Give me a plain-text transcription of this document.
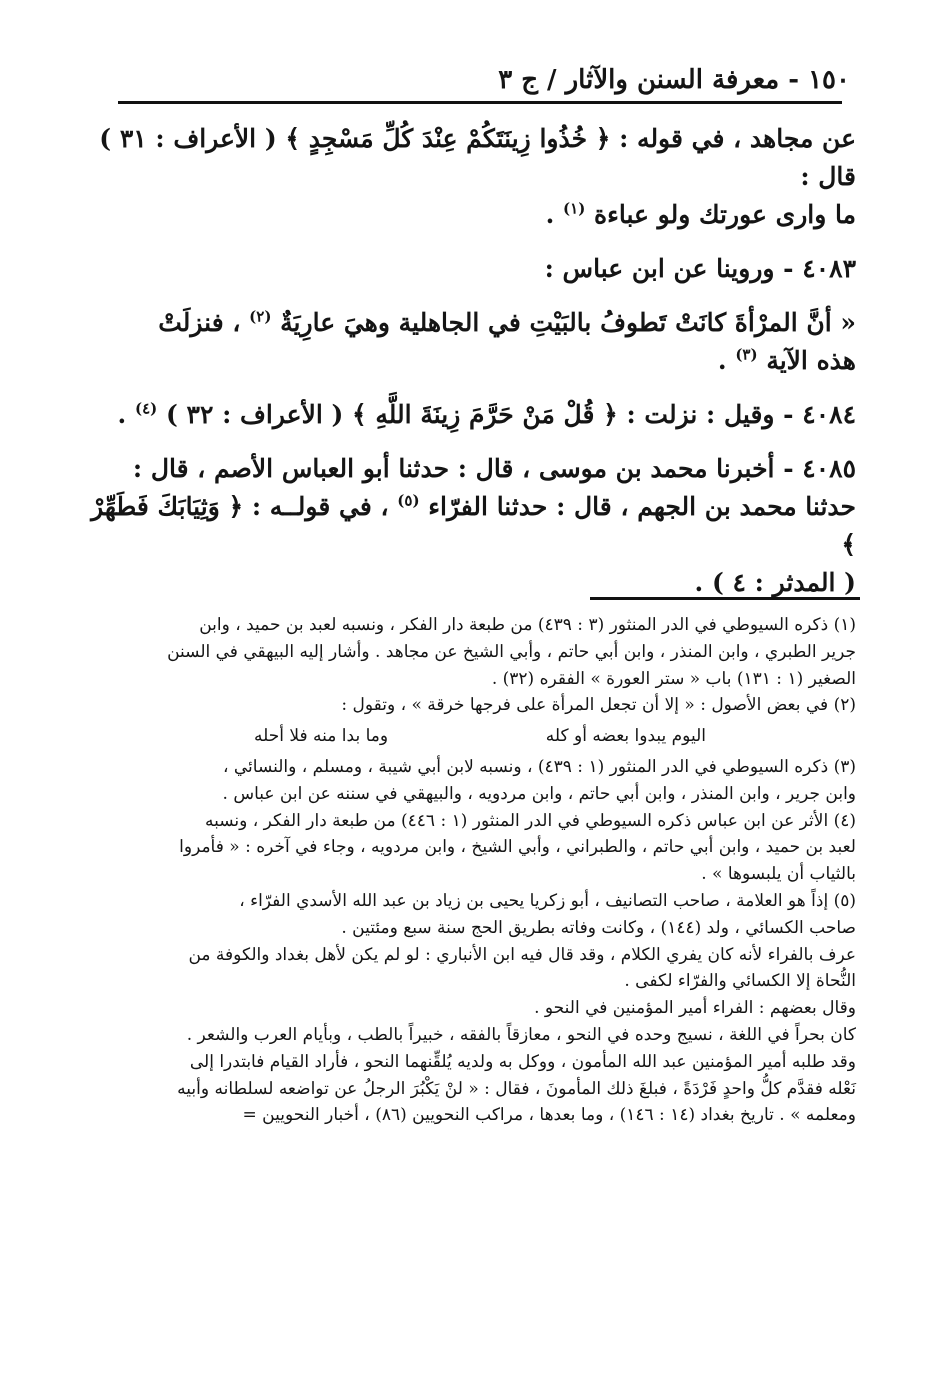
١٥٠ - معرفة السنن والآثار / ج ٣

عن مجاهد ، في قوله : ﴿ خُذُوا زِينَتَكُمْ عِنْدَ كُلِّ مَسْجِدٍ ﴾ ( الأعراف : ٣١ ) قال :

ما وارى عورتك ولو عباءة $^{(١)}$ .

٤٠٨٣ - وروينا عن ابن عباس :

« أنَّ المرْأةَ كانَتْ تَطوفُ بالبَيْتِ في الجاهلية وهيَ عارِيَةٌ $^{(٢)}$ ، فنزلَتْ

هذه الآية $^{(٣)}$ .

٤٠٨٤ - وقيل : نزلت : ﴿ قُلْ مَنْ حَرَّمَ زِينَةَ اللَّهِ ﴾ ( الأعراف : ٣٢ ) $^{(٤)}$ .

٤٠٨٥ - أخبرنا محمد بن موسى ، قال : حدثنا أبو العباس الأصم ، قال :

حدثنا محمد بن الجهم ، قال : حدثنا الفرّاء $^{(٥)}$ ، في قولــه : ﴿ وَثِيَابَكَ فَطَهِّرْ ﴾

( المدثر : ٤ ) .

(١) ذكره السيوطي في الدر المنثور (٣ : ٤٣٩) من طبعة دار الفكر ، ونسبه لعبد بن حميد ، وابن

جرير الطبري ، وابن المنذر ، وابن أبي حاتم ، وأبي الشيخ عن مجاهد . وأشار إليه البيهقي في السنن

الصغير (١ : ١٣١) باب « ستر العورة » الفقره (٣٢) .

(٢) في بعض الأصول : « إلا أن تجعل المرأة على فرجها خرقة » ، وتقول :

اليوم يبدوا بعضه أو كله
وما بدا منه فلا أحله

(٣) ذكره السيوطي في الدر المنثور (١ : ٤٣٩) ، ونسبه لابن أبي شيبة ، ومسلم ، والنسائي ،

وابن جرير ، وابن المنذر ، وابن أبي حاتم ، وابن مردويه ، والبيهقي في سننه عن ابن عباس .

(٤) الأثر عن ابن عباس ذكره السيوطي في الدر المنثور (١ : ٤٤٦) من طبعة دار الفكر ، ونسبه

لعبد بن حميد ، وابن أبي حاتم ، والطبراني ، وأبي الشيخ ، وابن مردويه ، وجاء في آخره : « فأمروا

بالثياب أن يلبسوها » .

(٥) إذاً هو العلامة ، صاحب التصانيف ، أبو زكريا يحيى بن زياد بن عبد الله الأسدي الفرّاء ،

صاحب الكسائي ، ولد (١٤٤) ، وكانت وفاته بطريق الحج سنة سبع ومئتين .

عرف بالفراء لأنه كان يفري الكلام ، وقد قال فيه ابن الأنباري : لو لم يكن لأهل بغداد والكوفة من

النُّحاة إلا الكسائي والفرّاء لكفى .

وقال بعضهم : الفراء أمير المؤمنين في النحو .

كان بحراً في اللغة ، نسيج وحده في النحو ، معازقاً بالفقه ، خبيراً بالطب ، وبأيام العرب والشعر .

وقد طلبه أمير المؤمنين عبد الله المأمون ، ووكل به ولديه يُلقِّنهما النحو ، فأراد القيام فابتدرا إلى

نَعْله فقدَّم كلُّ واحدٍ فَرْدَةً ، فبلغَ ذلك المأمونَ ، فقال : « لنْ يَكْبُرَ الرجلُ عن تواضعه لسلطانه وأبيه

ومعلمه » . تاريخ بغداد (١٤ : ١٤٦) ، وما بعدها ، مراكب النحويين (٨٦) ، أخبار النحويين =
